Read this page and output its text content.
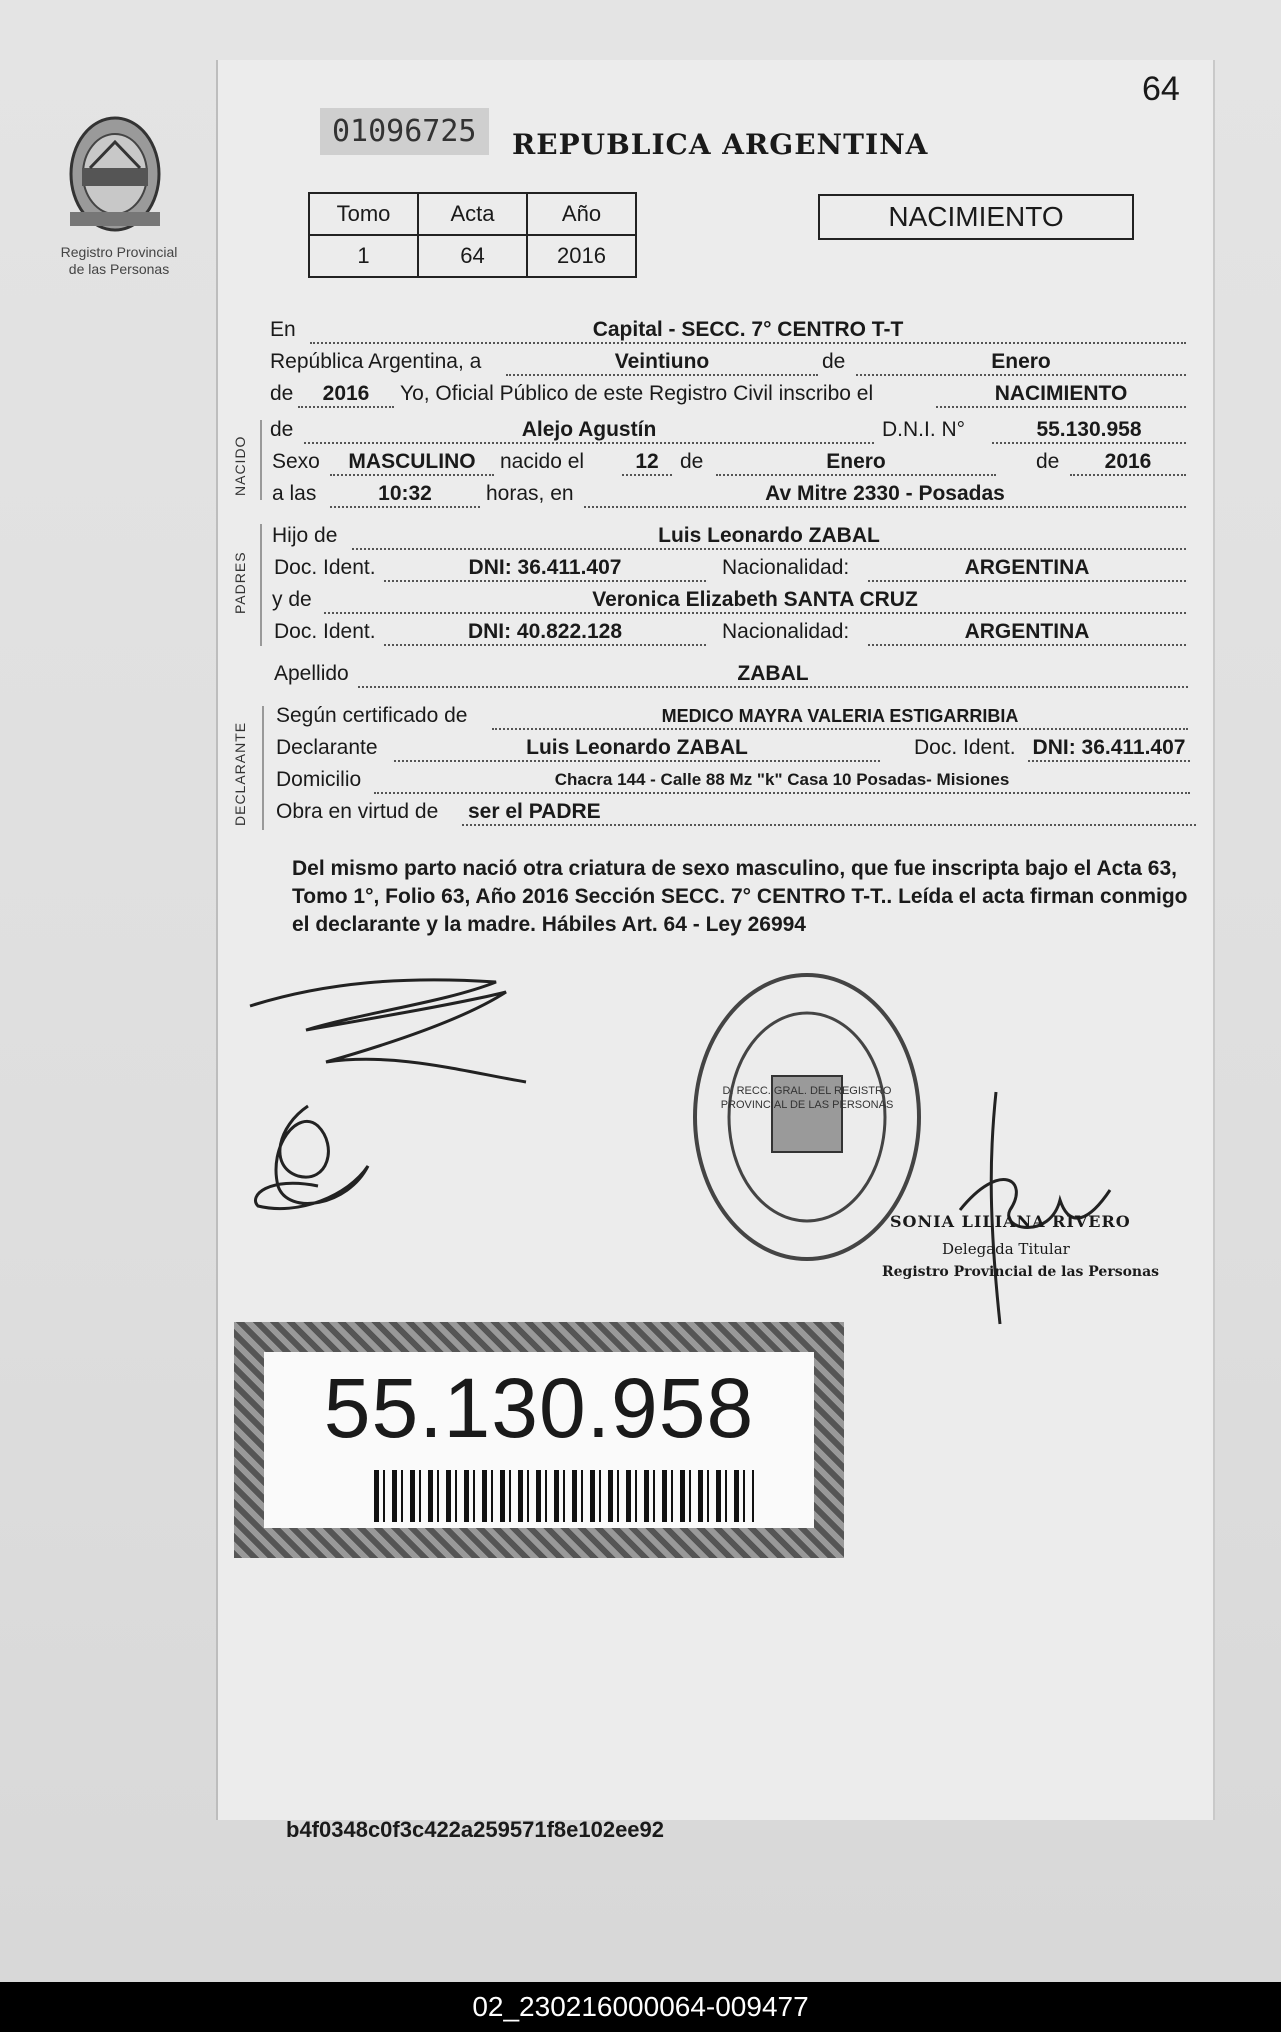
Registro Provincial
de las Personas
64
01096725	REPUBLICA ARGENTINA
Tomo	Acta	Año
1	64	2016
NACIMIENTO
En	Capital - SECC. 7° CENTRO T-T
República Argentina, a	Veintiuno	de	Enero
de	2016	Yo, Oficial Público de este Registro Civil inscribo el	NACIMIENTO
NACIDO
de	Alejo Agustín	D.N.I. N°	55.130.958
Sexo	MASCULINO	nacido el	12	de	Enero	de	2016
a las	10:32	horas, en	Av Mitre 2330 - Posadas
PADRES
Hijo de	Luis Leonardo ZABAL
Doc. Ident.	DNI: 36.411.407	Nacionalidad:	ARGENTINA
y de	Veronica Elizabeth SANTA CRUZ
Doc. Ident.	DNI: 40.822.128	Nacionalidad:	ARGENTINA
Apellido	ZABAL
DECLARANTE
Según certificado de	MEDICO MAYRA VALERIA ESTIGARRIBIA
Declarante	Luis Leonardo ZABAL	Doc. Ident. DNI: 36.411.407
Domicilio	Chacra 144 - Calle 88 Mz "k" Casa 10 Posadas- Misiones
Obra en virtud de ser el PADRE
Del mismo parto nació otra criatura de sexo masculino, que fue inscripta bajo el Acta 63, Tomo 1°, Folio 63, Año 2016 Sección SECC. 7° CENTRO T-T.. Leída el acta firman conmigo el declarante y la madre. Hábiles Art. 64 - Ley 26994
D. RECC. GRAL. DEL REGISTRO PROVINCIAL DE LAS PERSONAS
SONIA LILIANA RIVERO
Delegada Titular
Registro Provincial de las Personas
55.130.958
b4f0348c0f3c422a259571f8e102ee92
02_230216000064-009477
